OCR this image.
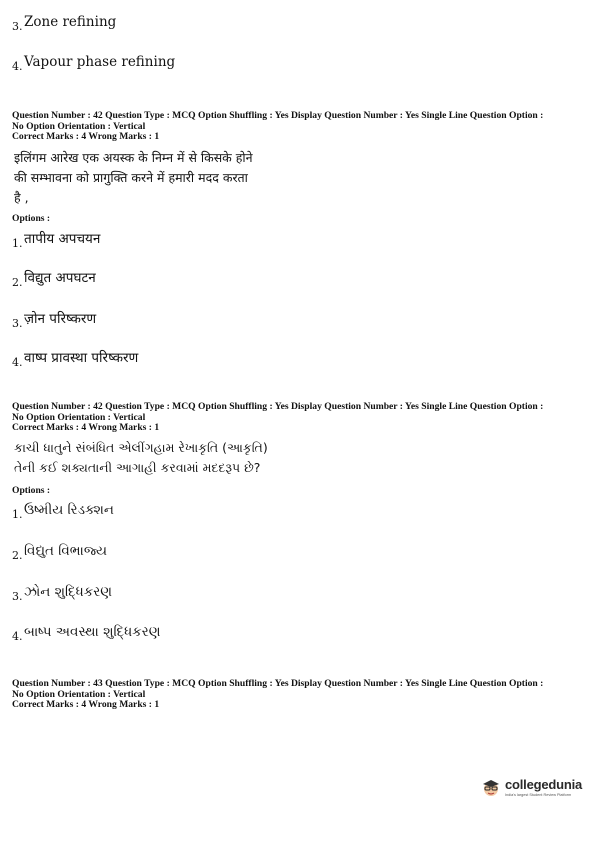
3. Zone refining
4. Vapour phase refining
Question Number : 42 Question Type : MCQ Option Shuffling : Yes Display Question Number : Yes Single Line Question Option :
No Option Orientation : Vertical
Correct Marks : 4 Wrong Marks : 1
इलिंगम आरेख एक अयस्क के निम्न में से किसके होने
की सम्भावना को प्रागुक्ति करने में हमारी मदद करता
है ,
Options :
1. तापीय अपचयन
2. विद्युत अपघटन
3. ज़ोन परिष्करण
4. वाष्प प्रावस्था परिष्करण
Question Number : 42 Question Type : MCQ Option Shuffling : Yes Display Question Number : Yes Single Line Question Option :
No Option Orientation : Vertical
Correct Marks : 4 Wrong Marks : 1
કાચી ધાતુને સંબંધિત એલીંગહામ રેખાકૃતિ (આકૃતિ)
તેની કઈ શક્યતાની આગાહી કરવામાં મદદરૂપ છે?
Options :
1. ઉષ્મીય રિડક્શન
2. વિદ્યુત વિભાજ્ય
3. ઝોન શુદ્ધિકરણ
4. બાષ્પ અવસ્થા શુદ્ધિકરણ
Question Number : 43 Question Type : MCQ Option Shuffling : Yes Display Question Number : Yes Single Line Question Option :
No Option Orientation : Vertical
Correct Marks : 4 Wrong Marks : 1
collegedunia
India's largest Student Review Platform
